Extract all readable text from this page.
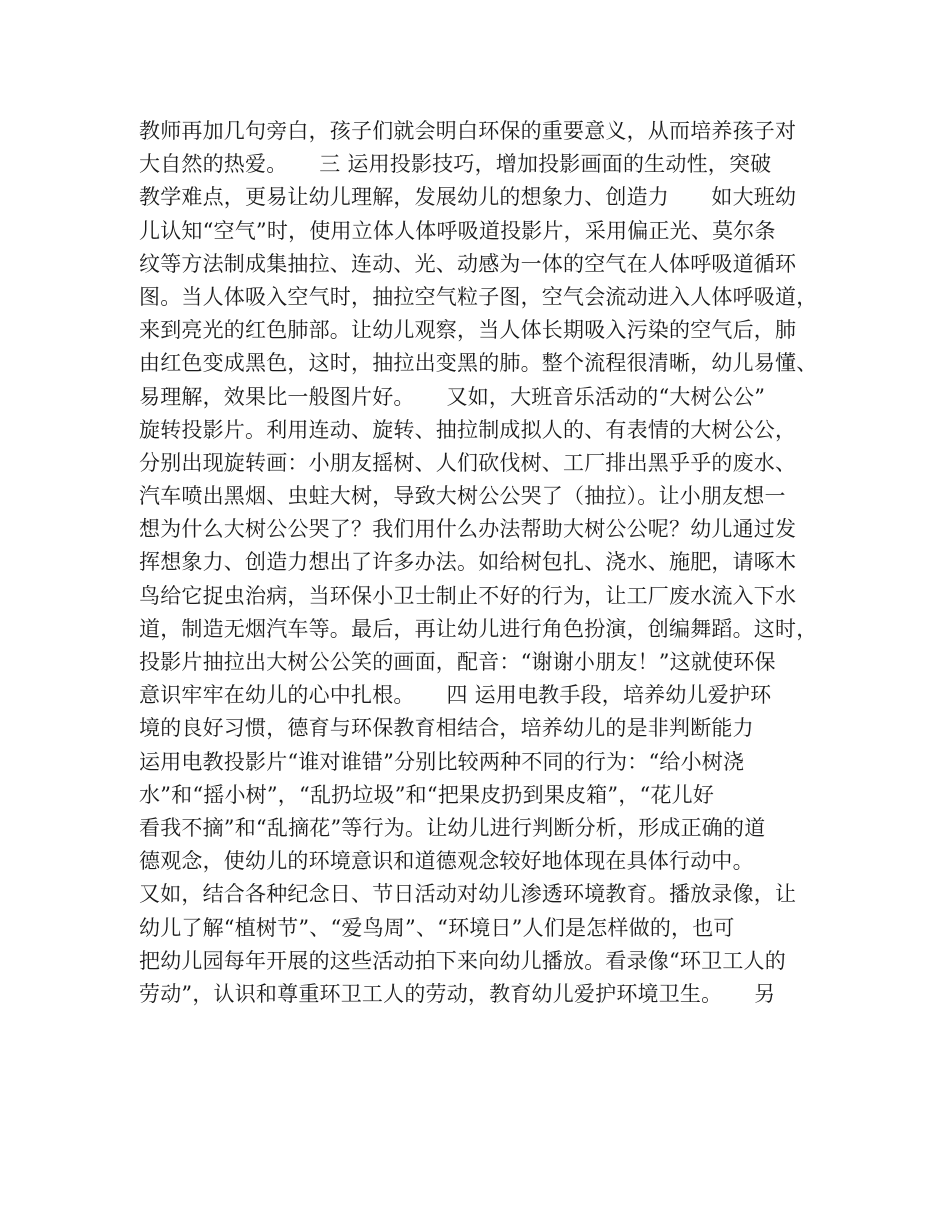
教师再加几句旁白，孩子们就会明白环保的重要意义，从而培养孩子对
大自然的热爱。　　三 运用投影技巧，增加投影画面的生动性，突破
教学难点，更易让幼儿理解，发展幼儿的想象力、创造力　　如大班幼
儿认知“空气”时，使用立体人体呼吸道投影片，采用偏正光、莫尔条
纹等方法制成集抽拉、连动、光、动感为一体的空气在人体呼吸道循环
图。当人体吸入空气时，抽拉空气粒子图，空气会流动进入人体呼吸道，
来到亮光的红色肺部。让幼儿观察，当人体长期吸入污染的空气后，肺
由红色变成黑色，这时，抽拉出变黑的肺。整个流程很清晰，幼儿易懂、
易理解，效果比一般图片好。　　又如，大班音乐活动的“大树公公”
旋转投影片。利用连动、旋转、抽拉制成拟人的、有表情的大树公公，
分别出现旋转画：小朋友摇树、人们砍伐树、工厂排出黑乎乎的废水、
汽车喷出黑烟、虫蛀大树，导致大树公公哭了（抽拉）。让小朋友想一
想为什么大树公公哭了？我们用什么办法帮助大树公公呢？幼儿通过发
挥想象力、创造力想出了许多办法。如给树包扎、浇水、施肥，请啄木
鸟给它捉虫治病，当环保小卫士制止不好的行为，让工厂废水流入下水
道，制造无烟汽车等。最后，再让幼儿进行角色扮演，创编舞蹈。这时，
投影片抽拉出大树公公笑的画面，配音：“谢谢小朋友！”这就使环保
意识牢牢在幼儿的心中扎根。　　四 运用电教手段，培养幼儿爱护环
境的良好习惯，德育与环保教育相结合，培养幼儿的是非判断能力
运用电教投影片“谁对谁错”分别比较两种不同的行为：“给小树浇
水”和“摇小树”，“乱扔垃圾”和“把果皮扔到果皮箱”，“花儿好
看我不摘”和“乱摘花”等行为。让幼儿进行判断分析，形成正确的道
德观念，使幼儿的环境意识和道德观念较好地体现在具体行动中。
又如，结合各种纪念日、节日活动对幼儿渗透环境教育。播放录像，让
幼儿了解“植树节”、“爱鸟周”、“环境日”人们是怎样做的，也可
把幼儿园每年开展的这些活动拍下来向幼儿播放。看录像“环卫工人的
劳动”，认识和尊重环卫工人的劳动，教育幼儿爱护环境卫生。　　另
